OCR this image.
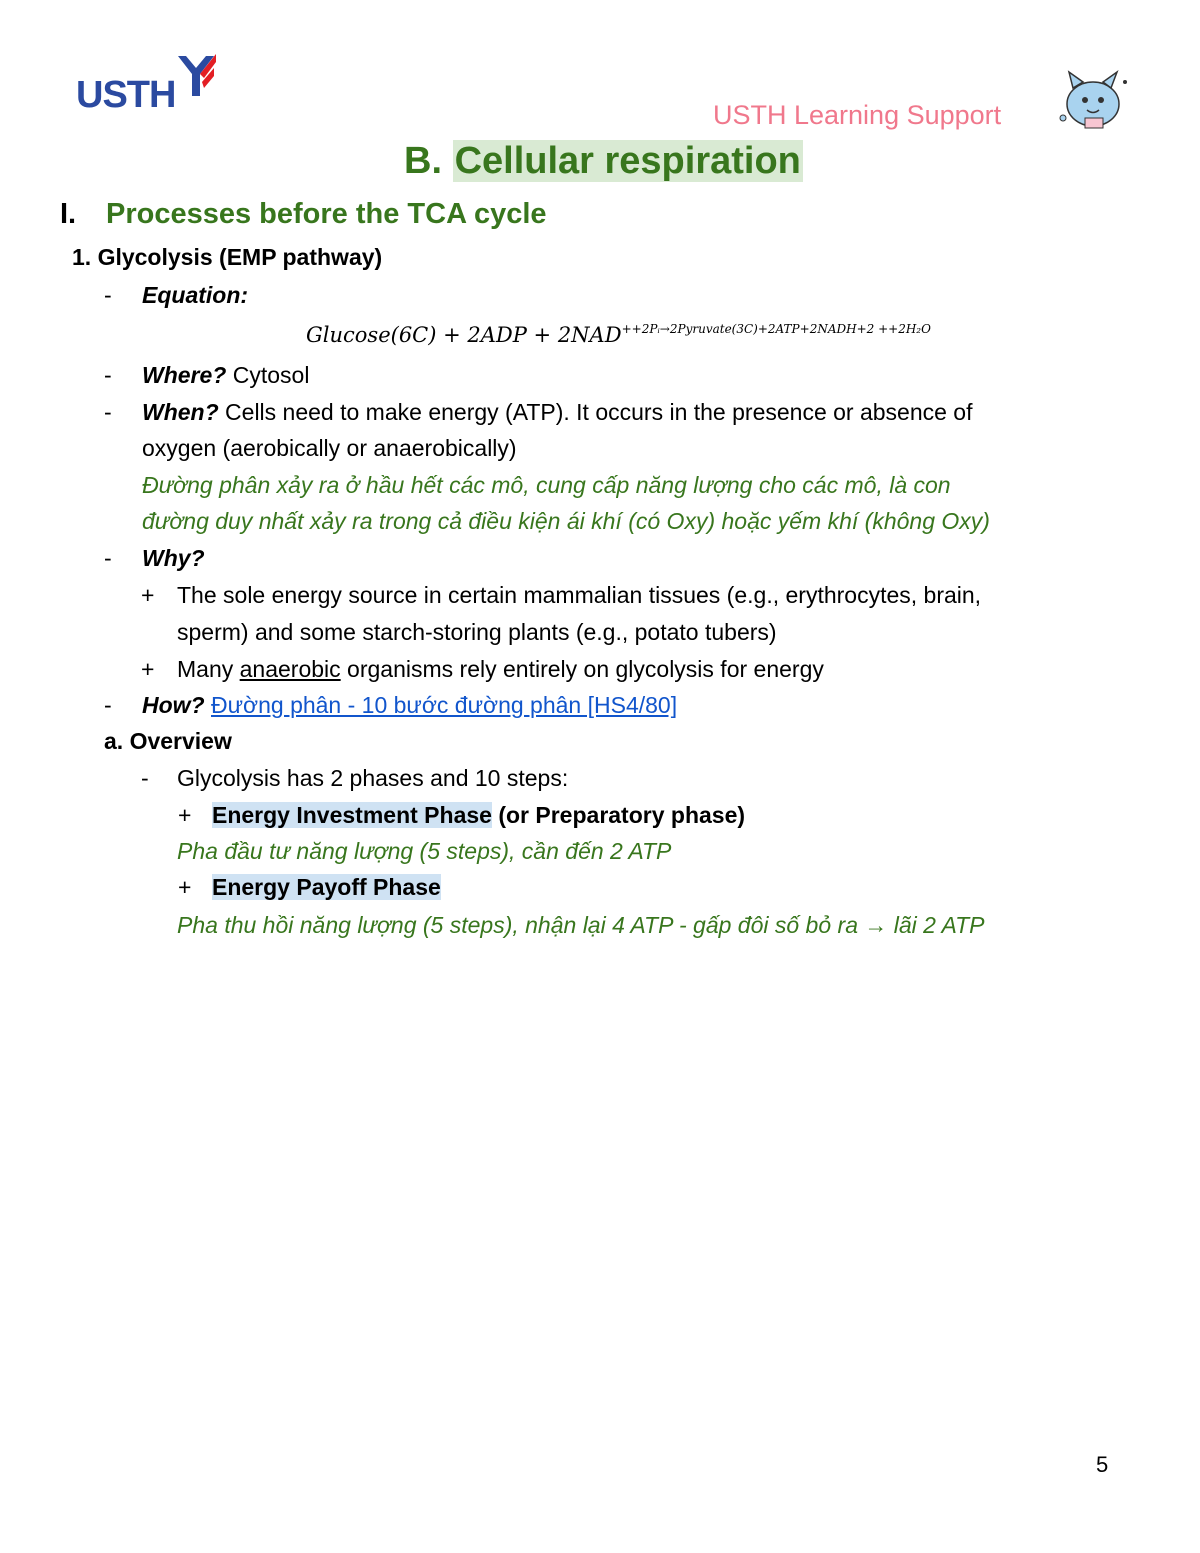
USTH	USTH Learning Support
B. Cellular respiration
I. Processes before the TCA cycle
1. Glycolysis (EMP pathway)
- Equation:
$Glucose(6C) + 2ADP + 2NAD^{++2Pᵢ\to 2Pyruvate(3C)+2ATP+2NADH+2 ++2H_2O}$
- Where? Cytosol
- When? Cells need to make energy (ATP). It occurs in the presence or absence of
oxygen (aerobically or anaerobically)
Đường phân xảy ra ở hầu hết các mô, cung cấp năng lượng cho các mô, là con
đường duy nhất xảy ra trong cả điều kiện ái khí (có Oxy) hoặc yếm khí (không Oxy)
- Why?
+ The sole energy source in certain mammalian tissues (e.g., erythrocytes, brain,
sperm) and some starch-storing plants (e.g., potato tubers)
+ Many anaerobic organisms rely entirely on glycolysis for energy
- How? Đường phân - 10 bước đường phân [HS4/80]
a. Overview
- Glycolysis has 2 phases and 10 steps:
+ Energy Investment Phase (or Preparatory phase)
Pha đầu tư năng lượng (5 steps), cần đến 2 ATP
+ Energy Payoff Phase
Pha thu hồi năng lượng (5 steps), nhận lại 4 ATP - gấp đôi số bỏ ra → lãi 2 ATP
5
